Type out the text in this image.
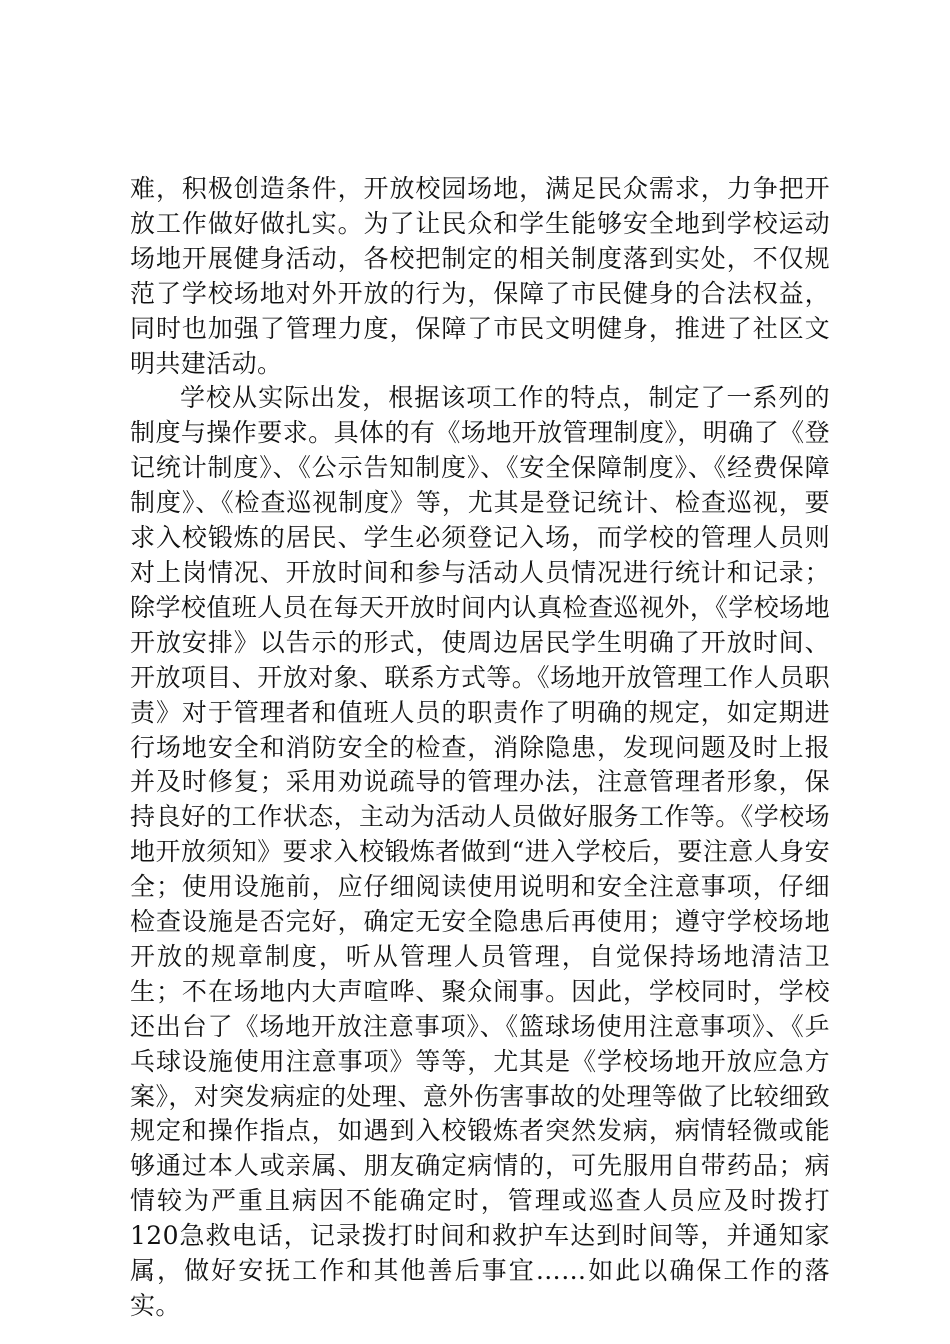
难，积极创造条件，开放校园场地，满足民众需求，力争把开放工作做好做扎实。为了让民众和学生能够安全地到学校运动场地开展健身活动，各校把制定的相关制度落到实处，不仅规范了学校场地对外开放的行为，保障了市民健身的合法权益，同时也加强了管理力度，保障了市民文明健身，推进了社区文明共建活动。

学校从实际出发，根据该项工作的特点，制定了一系列的制度与操作要求。具体的有《场地开放管理制度》，明确了《登记统计制度》、《公示告知制度》、《安全保障制度》、《经费保障制度》、《检查巡视制度》等，尤其是登记统计、检查巡视，要求入校锻炼的居民、学生必须登记入场，而学校的管理人员则对上岗情况、开放时间和参与活动人员情况进行统计和记录；除学校值班人员在每天开放时间内认真检查巡视外，《学校场地开放安排》以告示的形式，使周边居民学生明确了开放时间、开放项目、开放对象、联系方式等。《场地开放管理工作人员职责》对于管理者和值班人员的职责作了明确的规定，如定期进行场地安全和消防安全的检查，消除隐患，发现问题及时上报并及时修复；采用劝说疏导的管理办法，注意管理者形象，保持良好的工作状态，主动为活动人员做好服务工作等。《学校场地开放须知》要求入校锻炼者做到“进入学校后，要注意人身安全；使用设施前，应仔细阅读使用说明和安全注意事项，仔细检查设施是否完好，确定无安全隐患后再使用；遵守学校场地开放的规章制度，听从管理人员管理，自觉保持场地清洁卫生；不在场地内大声喧哗、聚众闹事。因此，学校同时，学校还出台了《场地开放注意事项》、《篮球场使用注意事项》、《乒乓球设施使用注意事项》等等，尤其是《学校场地开放应急方案》，对突发病症的处理、意外伤害事故的处理等做了比较细致规定和操作指点，如遇到入校锻炼者突然发病，病情轻微或能够通过本人或亲属、朋友确定病情的，可先服用自带药品；病情较为严重且病因不能确定时，管理或巡查人员应及时拨打120急救电话，记录拨打时间和救护车达到时间等，并通知家属，做好安抚工作和其他善后事宜……如此以确保工作的落实。
